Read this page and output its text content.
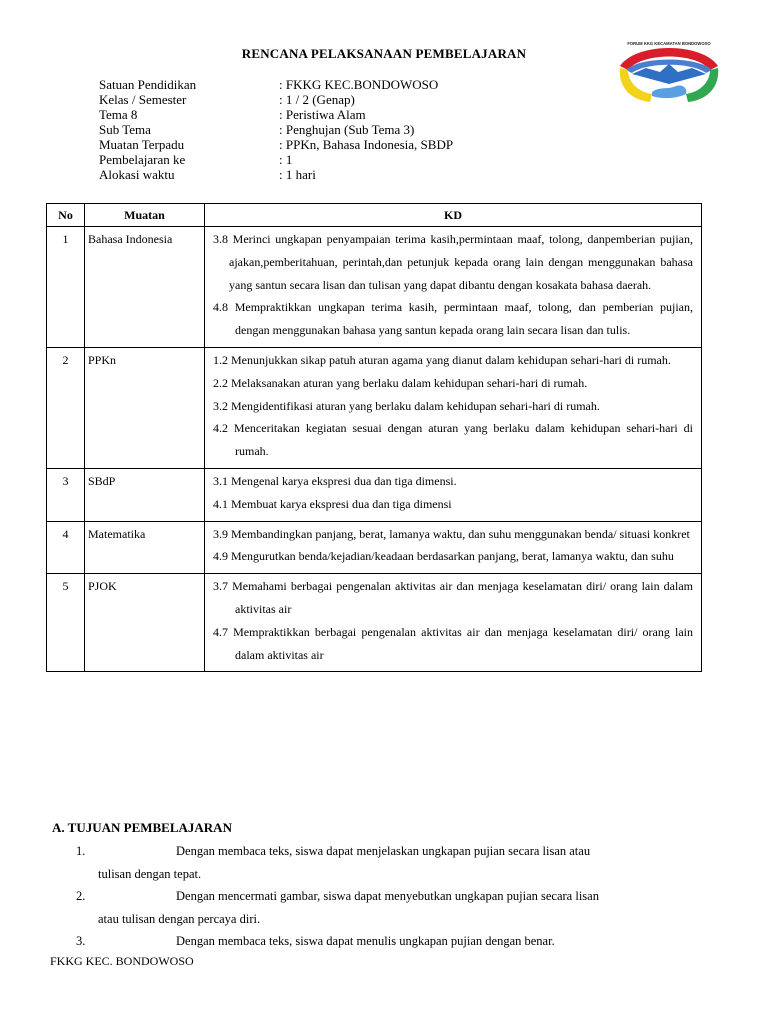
RENCANA PELAKSANAAN PEMBELAJARAN
FORUM KKG KECAMATAN BONDOWOSO
Satuan Pendidikan	: FKKG KEC.BONDOWOSO
Kelas / Semester	: 1 / 2 (Genap)
Tema 8	: Peristiwa Alam
Sub Tema	: Penghujan (Sub Tema 3)
Muatan Terpadu	: PPKn, Bahasa Indonesia, SBDP
Pembelajaran ke	: 1
Alokasi waktu	: 1 hari
No	Muatan	KD
1	Bahasa Indonesia	3.8 Merinci ungkapan penyampaian terima kasih,permintaan maaf, tolong, danpemberian pujian, ajakan,pemberitahuan, perintah,dan petunjuk kepada orang lain dengan menggunakan bahasa yang santun secara lisan dan tulisan yang dapat dibantu dengan kosakata bahasa daerah.
4.8 Mempraktikkan ungkapan terima kasih, permintaan maaf, tolong, dan pemberian pujian, dengan menggunakan bahasa yang santun kepada orang lain secara lisan dan tulis.

2	PPKn	1.2 Menunjukkan sikap patuh aturan agama yang dianut dalam kehidupan sehari-hari di rumah.
2.2 Melaksanakan aturan yang berlaku dalam kehidupan sehari-hari di rumah.
3.2 Mengidentifikasi aturan yang berlaku dalam kehidupan sehari-hari di rumah.
4.2 Menceritakan kegiatan sesuai dengan aturan yang berlaku dalam kehidupan sehari-hari di rumah.

3	SBdP	3.1 Mengenal karya ekspresi dua dan tiga dimensi.
4.1 Membuat karya ekspresi dua dan tiga dimensi

4	Matematika	3.9 Membandingkan panjang, berat, lamanya waktu, dan suhu menggunakan benda/ situasi konkret
4.9 Mengurutkan benda/kejadian/keadaan berdasarkan panjang, berat, lamanya waktu, dan suhu

5	PJOK	3.7 Memahami berbagai pengenalan aktivitas air dan menjaga keselamatan diri/ orang lain dalam aktivitas air
4.7 Mempraktikkan berbagai pengenalan aktivitas air dan menjaga keselamatan diri/ orang lain dalam aktivitas air
A. TUJUAN PEMBELAJARAN
1.	Dengan membaca teks, siswa dapat menjelaskan ungkapan pujian secara lisan atau
tulisan dengan tepat.
2.	Dengan mencermati gambar, siswa dapat menyebutkan ungkapan pujian secara lisan
atau tulisan dengan percaya diri.
3.	Dengan membaca teks, siswa dapat menulis ungkapan pujian dengan benar.
FKKG KEC. BONDOWOSO
